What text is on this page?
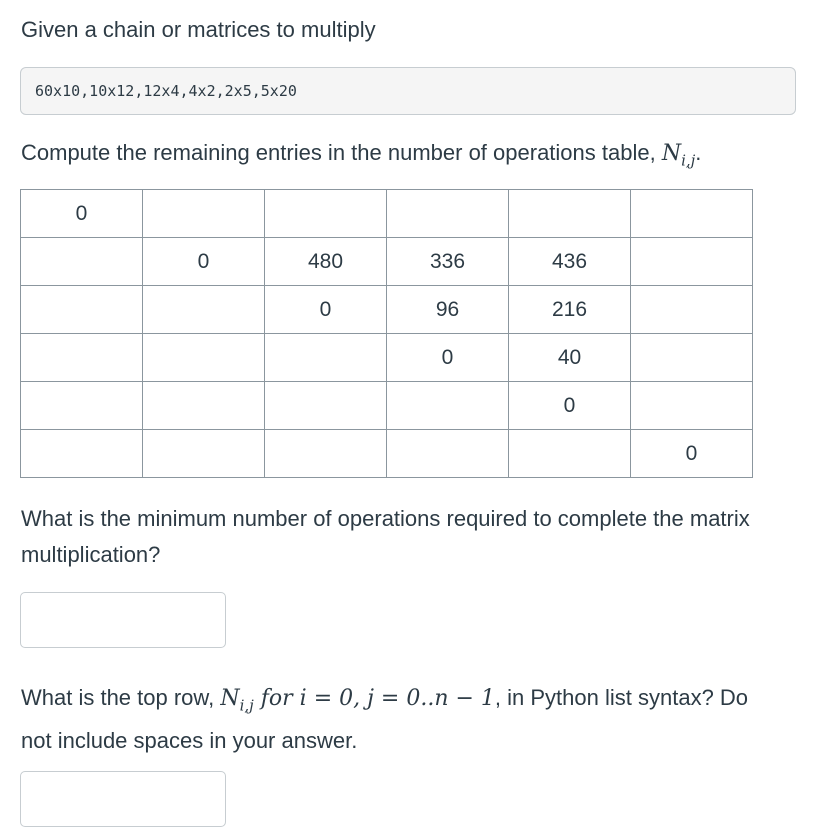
Given a chain or matrices to multiply

60x10,10x12,12x4,4x2,2x5,5x20

Compute the remaining entries in the number of operations table, $N_{i,j}$.

0					
	0	480	336	436	
		0	96	216	
			0	40	
				0	
					0

What is the minimum number of operations required to complete the matrix multiplication?

What is the top row, $N_{i,j}$ for i = 0, j = 0..n − 1, in Python list syntax? Do not include spaces in your answer.
